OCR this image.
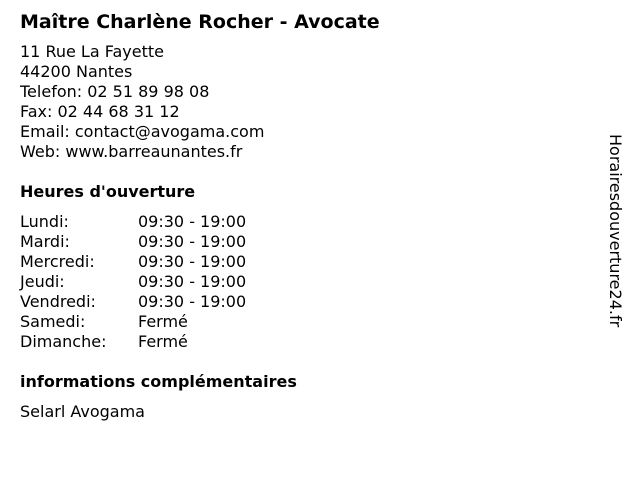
Maître Charlène Rocher - Avocate
11 Rue La Fayette
44200 Nantes
Telefon: 02 51 89 98 08
Fax: 02 44 68 31 12
Email: contact@avogama.com
Web: www.barreaunantes.fr
Heures d'ouverture
Lundi:	09:30 - 19:00
Mardi:	09:30 - 19:00
Mercredi:	09:30 - 19:00
Jeudi:	09:30 - 19:00
Vendredi:	09:30 - 19:00
Samedi:	Fermé
Dimanche:	Fermé
informations complémentaires
Selarl Avogama
Horairesdouverture24.fr
